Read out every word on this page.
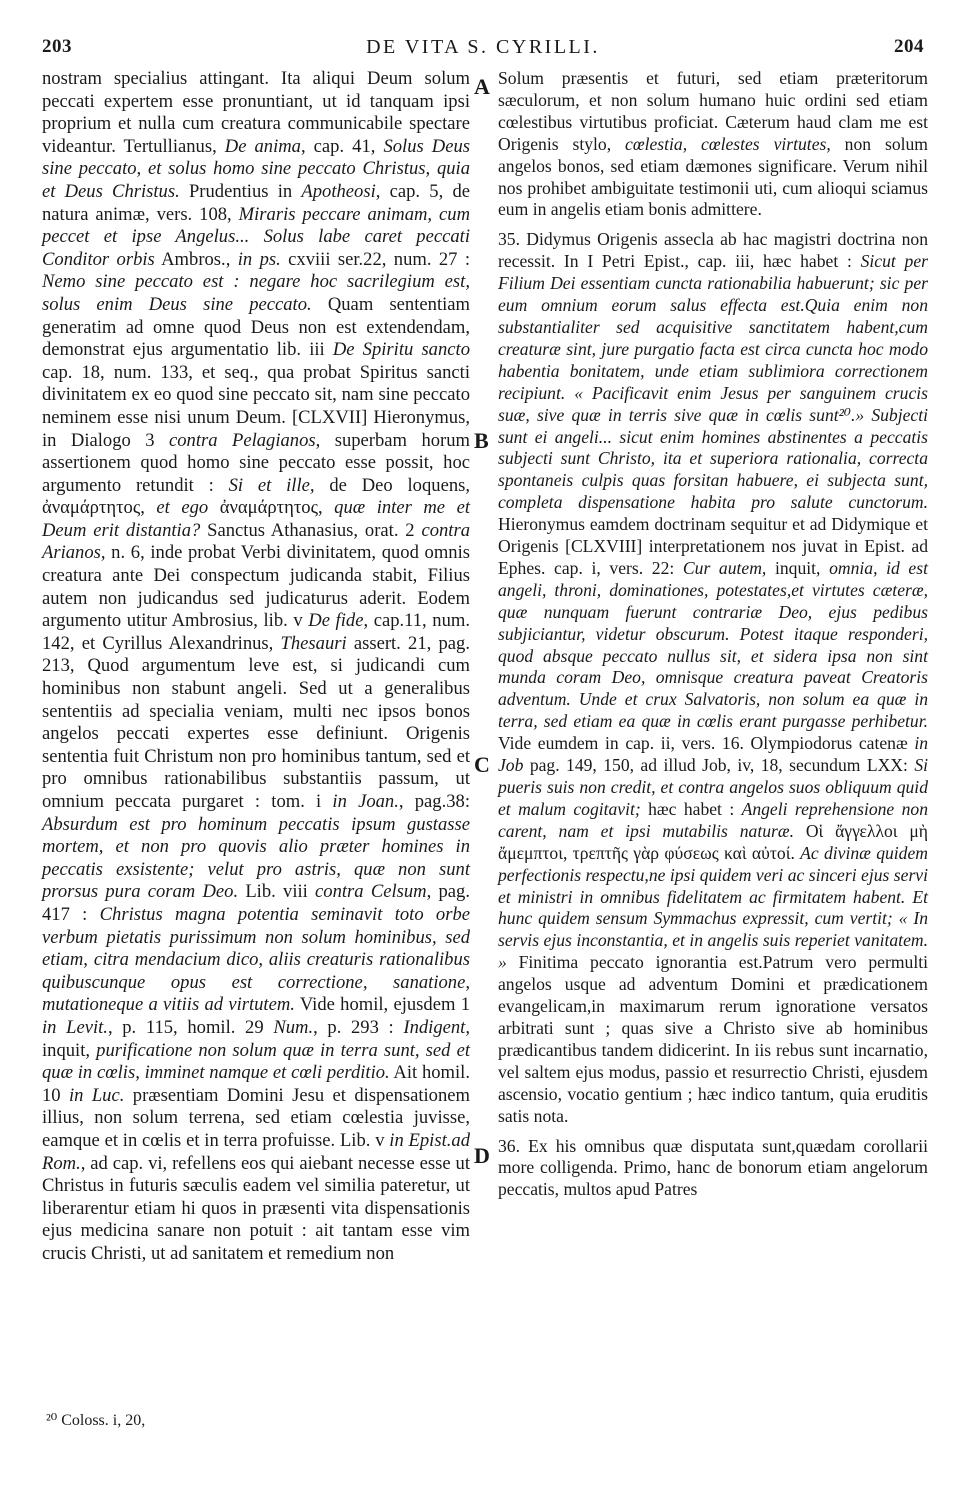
203	DE VITA S. CYRILLI.	204

nostram specialius attingant. Ita aliqui Deum solum peccati expertem esse pronuntiant, ut id tanquam ipsi proprium et nulla cum creatura communicabile spectare videantur. Tertullianus, De anima, cap. 41, Solus Deus sine peccato, et solus homo sine peccato Christus, quia et Deus Christus. Prudentius in Apotheosi, cap. 5, de natura animæ, vers. 108, Miraris peccare animam, cum peccet et ipse Angelus... Solus labe caret peccati Conditor orbis Ambros., in ps. cxviii ser.22, num. 27 : Nemo sine peccato est : negare hoc sacrilegium est, solus enim Deus sine peccato. Quam sententiam generatim ad omne quod Deus non est extendendam, demonstrat ejus argumentatio lib. iii De Spiritu sancto cap. 18, num. 133, et seq., qua probat Spiritus sancti divinitatem ex eo quod sine peccato sit, nam sine peccato neminem esse nisi unum Deum. [CLXVII] Hieronymus, in Dialogo 3 contra Pelagianos, superbam horum assertionem quod homo sine peccato esse possit, hoc argumento retundit : Si et ille, de Deo loquens, ἀναμάρτητος, et ego ἀναμάρτητος, quæ inter me et Deum erit distantia? Sanctus Athanasius, orat. 2 contra Arianos, n. 6, inde probat Verbi divinitatem, quod omnis creatura ante Dei conspectum judicanda stabit, Filius autem non judicandus sed judicaturus aderit. Eodem argumento utitur Ambrosius, lib. v De fide, cap.11, num. 142, et Cyrillus Alexandrinus, Thesauri assert. 21, pag. 213, Quod argumentum leve est, si judicandi cum hominibus non stabunt angeli. Sed ut a generalibus sententiis ad specialia veniam, multi nec ipsos bonos angelos peccati expertes esse definiunt. Origenis sententia fuit Christum non pro hominibus tantum, sed et pro omnibus rationabilibus substantiis passum, ut omnium peccata purgaret : tom. i in Joan., pag.38: Absurdum est pro hominum peccatis ipsum gustasse mortem, et non pro quovis alio præter homines in peccatis exsistente; velut pro astris, quæ non sunt prorsus pura coram Deo. Lib. viii contra Celsum, pag. 417 : Christus magna potentia seminavit toto orbe verbum pietatis purissimum non solum hominibus, sed etiam, citra mendacium dico, aliis creaturis rationalibus quibuscunque opus est correctione, sanatione, mutationeque a vitiis ad virtutem. Vide homil, ejusdem 1 in Levit., p. 115, homil. 29 Num., p. 293 : Indigent, inquit, purificatione non solum quæ in terra sunt, sed et quæ in cœlis, imminet namque et cœli perditio. Ait homil. 10 in Luc. præsentiam Domini Jesu et dispensationem illius, non solum terrena, sed etiam cœlestia juvisse, eamque et in cœlis et in terra profuisse. Lib. v in Epist.ad Rom., ad cap. vi, refellens eos qui aiebant necesse esse ut Christus in futuris sæculis eadem vel similia pateretur, ut liberarentur etiam hi quos in præsenti vita dispensationis ejus medicina sanare non potuit : ait tantam esse vim crucis Christi, ut ad sanitatem et remedium non

Solum præsentis et futuri, sed etiam præteritorum sæculorum, et non solum humano huic ordini sed etiam cœlestibus virtutibus proficiat. Cæterum haud clam me est Origenis stylo, cœlestia, cœlestes virtutes, non solum angelos bonos, sed etiam dæmones significare. Verum nihil nos prohibet ambiguitate testimonii uti, cum alioqui sciamus eum in angelis etiam bonis admittere.

35. Didymus Origenis assecla ab hac magistri doctrina non recessit. In I Petri Epist., cap. iii, hæc habet : Sicut per Filium Dei essentiam cuncta rationabilia habuerunt; sic per eum omnium eorum salus effecta est.Quia enim non substantialiter sed acquisitive sanctitatem habent,cum creaturæ sint, jure purgatio facta est circa cuncta hoc modo habentia bonitatem, unde etiam sublimiora correctionem recipiunt. « Pacificavit enim Jesus per sanguinem crucis suæ, sive quæ in terris sive quæ in cœlis sunt²⁰.» Subjecti sunt ei angeli... sicut enim homines abstinentes a peccatis subjecti sunt Christo, ita et superiora rationalia, correcta spontaneis culpis quas forsitan habuere, ei subjecta sunt, completa dispensatione habita pro salute cunctorum. Hieronymus eamdem doctrinam sequitur et ad Didymique et Origenis [CLXVIII] interpretationem nos juvat in Epist. ad Ephes. cap. i, vers. 22: Cur autem, inquit, omnia, id est angeli, throni, dominationes, potestates,et virtutes cæteræ, quæ nunquam fuerunt contrariæ Deo, ejus pedibus subjiciantur, videtur obscurum. Potest itaque responderi, quod absque peccato nullus sit, et sidera ipsa non sint munda coram Deo, omnisque creatura paveat Creatoris adventum. Unde et crux Salvatoris, non solum ea quæ in terra, sed etiam ea quæ in cœlis erant purgasse perhibetur. Vide eumdem in cap. ii, vers. 16. Olympiodorus catenæ in Job pag. 149, 150, ad illud Job, iv, 18, secundum LXX: Si pueris suis non credit, et contra angelos suos obliquum quid et malum cogitavit; hæc habet : Angeli reprehensione non carent, nam et ipsi mutabilis naturæ. Οἱ ἄγγελλοι μὴ ἄμεμπτοι, τρεπτῆς γὰρ φύσεως καὶ αὐτοί. Ac divinæ quidem perfectionis respectu,ne ipsi quidem veri ac sinceri ejus servi et ministri in omnibus fidelitatem ac firmitatem habent. Et hunc quidem sensum Symmachus expressit, cum vertit; « In servis ejus inconstantia, et in angelis suis reperiet vanitatem. » Finitima peccato ignorantia est.Patrum vero permulti angelos usque ad adventum Domini et prædicationem evangelicam,in maximarum rerum ignoratione versatos arbitrati sunt ; quas sive a Christo sive ab hominibus prædicantibus tandem didicerint. In iis rebus sunt incarnatio, vel saltem ejus modus, passio et resurrectio Christi, ejusdem ascensio, vocatio gentium ; hæc indico tantum, quia eruditis satis nota.

36. Ex his omnibus quæ disputata sunt,quædam corollarii more colligenda. Primo, hanc de bonorum etiam angelorum peccatis, multos apud Patres

A
B
C
D
²⁰ Coloss. i, 20,
